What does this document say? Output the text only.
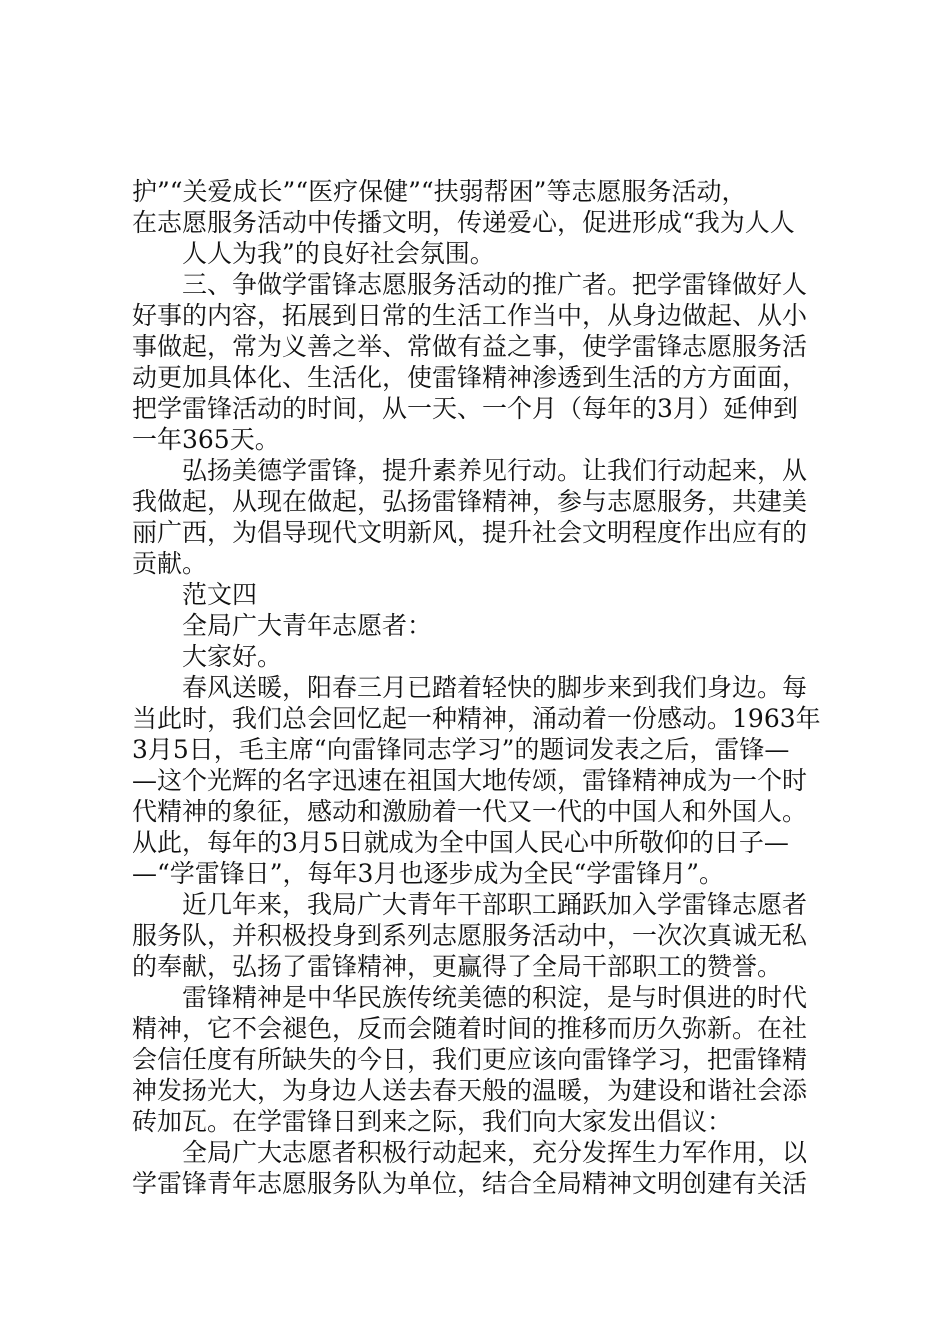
护”“关爱成长”“医疗保健”“扶弱帮困”等志愿服务活动，
在志愿服务活动中传播文明，传递爱心，促进形成“我为人人
人人为我”的良好社会氛围。
三、争做学雷锋志愿服务活动的推广者。把学雷锋做好人
好事的内容，拓展到日常的生活工作当中，从身边做起、从小
事做起，常为义善之举、常做有益之事，使学雷锋志愿服务活
动更加具体化、生活化，使雷锋精神渗透到生活的方方面面，
把学雷锋活动的时间，从一天、一个月（每年的3月）延伸到
一年365天。
弘扬美德学雷锋，提升素养见行动。让我们行动起来，从
我做起，从现在做起，弘扬雷锋精神，参与志愿服务，共建美
丽广西，为倡导现代文明新风，提升社会文明程度作出应有的
贡献。
范文四
全局广大青年志愿者：
大家好。
春风送暖，阳春三月已踏着轻快的脚步来到我们身边。每
当此时，我们总会回忆起一种精神，涌动着一份感动。1963年
3月5日，毛主席“向雷锋同志学习”的题词发表之后，雷锋—
—这个光辉的名字迅速在祖国大地传颂，雷锋精神成为一个时
代精神的象征，感动和激励着一代又一代的中国人和外国人。
从此，每年的3月5日就成为全中国人民心中所敬仰的日子—
—“学雷锋日”，每年3月也逐步成为全民“学雷锋月”。
近几年来，我局广大青年干部职工踊跃加入学雷锋志愿者
服务队，并积极投身到系列志愿服务活动中，一次次真诚无私
的奉献，弘扬了雷锋精神，更赢得了全局干部职工的赞誉。
雷锋精神是中华民族传统美德的积淀，是与时俱进的时代
精神，它不会褪色，反而会随着时间的推移而历久弥新。在社
会信任度有所缺失的今日，我们更应该向雷锋学习，把雷锋精
神发扬光大，为身边人送去春天般的温暖，为建设和谐社会添
砖加瓦。在学雷锋日到来之际，我们向大家发出倡议：
全局广大志愿者积极行动起来，充分发挥生力军作用，以
学雷锋青年志愿服务队为单位，结合全局精神文明创建有关活
